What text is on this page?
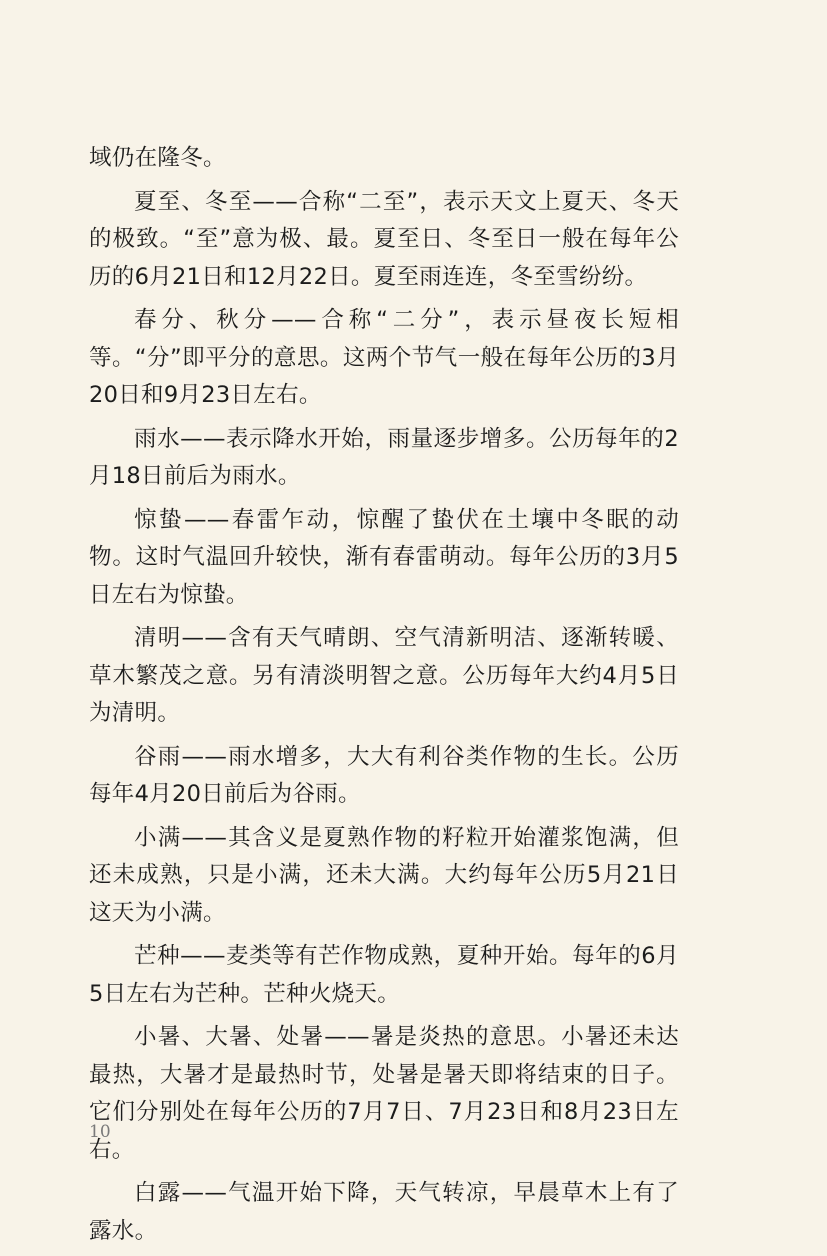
域仍在隆冬。

夏至、冬至——合称“二至”，表示天文上夏天、冬天的极致。“至”意为极、最。夏至日、冬至日一般在每年公历的6月21日和12月22日。夏至雨连连，冬至雪纷纷。

春分、秋分——合称“二分”，表示昼夜长短相等。“分”即平分的意思。这两个节气一般在每年公历的3月20日和9月23日左右。

雨水——表示降水开始，雨量逐步增多。公历每年的2月18日前后为雨水。

惊蛰——春雷乍动，惊醒了蛰伏在土壤中冬眠的动物。这时气温回升较快，渐有春雷萌动。每年公历的3月5日左右为惊蛰。

清明——含有天气晴朗、空气清新明洁、逐渐转暖、草木繁茂之意。另有清淡明智之意。公历每年大约4月5日为清明。

谷雨——雨水增多，大大有利谷类作物的生长。公历每年4月20日前后为谷雨。

小满——其含义是夏熟作物的籽粒开始灌浆饱满，但还未成熟，只是小满，还未大满。大约每年公历5月21日这天为小满。

芒种——麦类等有芒作物成熟，夏种开始。每年的6月5日左右为芒种。芒种火烧天。

小暑、大暑、处暑——暑是炎热的意思。小暑还未达最热，大暑才是最热时节，处暑是暑天即将结束的日子。它们分别处在每年公历的7月7日、7月23日和8月23日左右。

白露——气温开始下降，天气转凉，早晨草木上有了露水。

10
